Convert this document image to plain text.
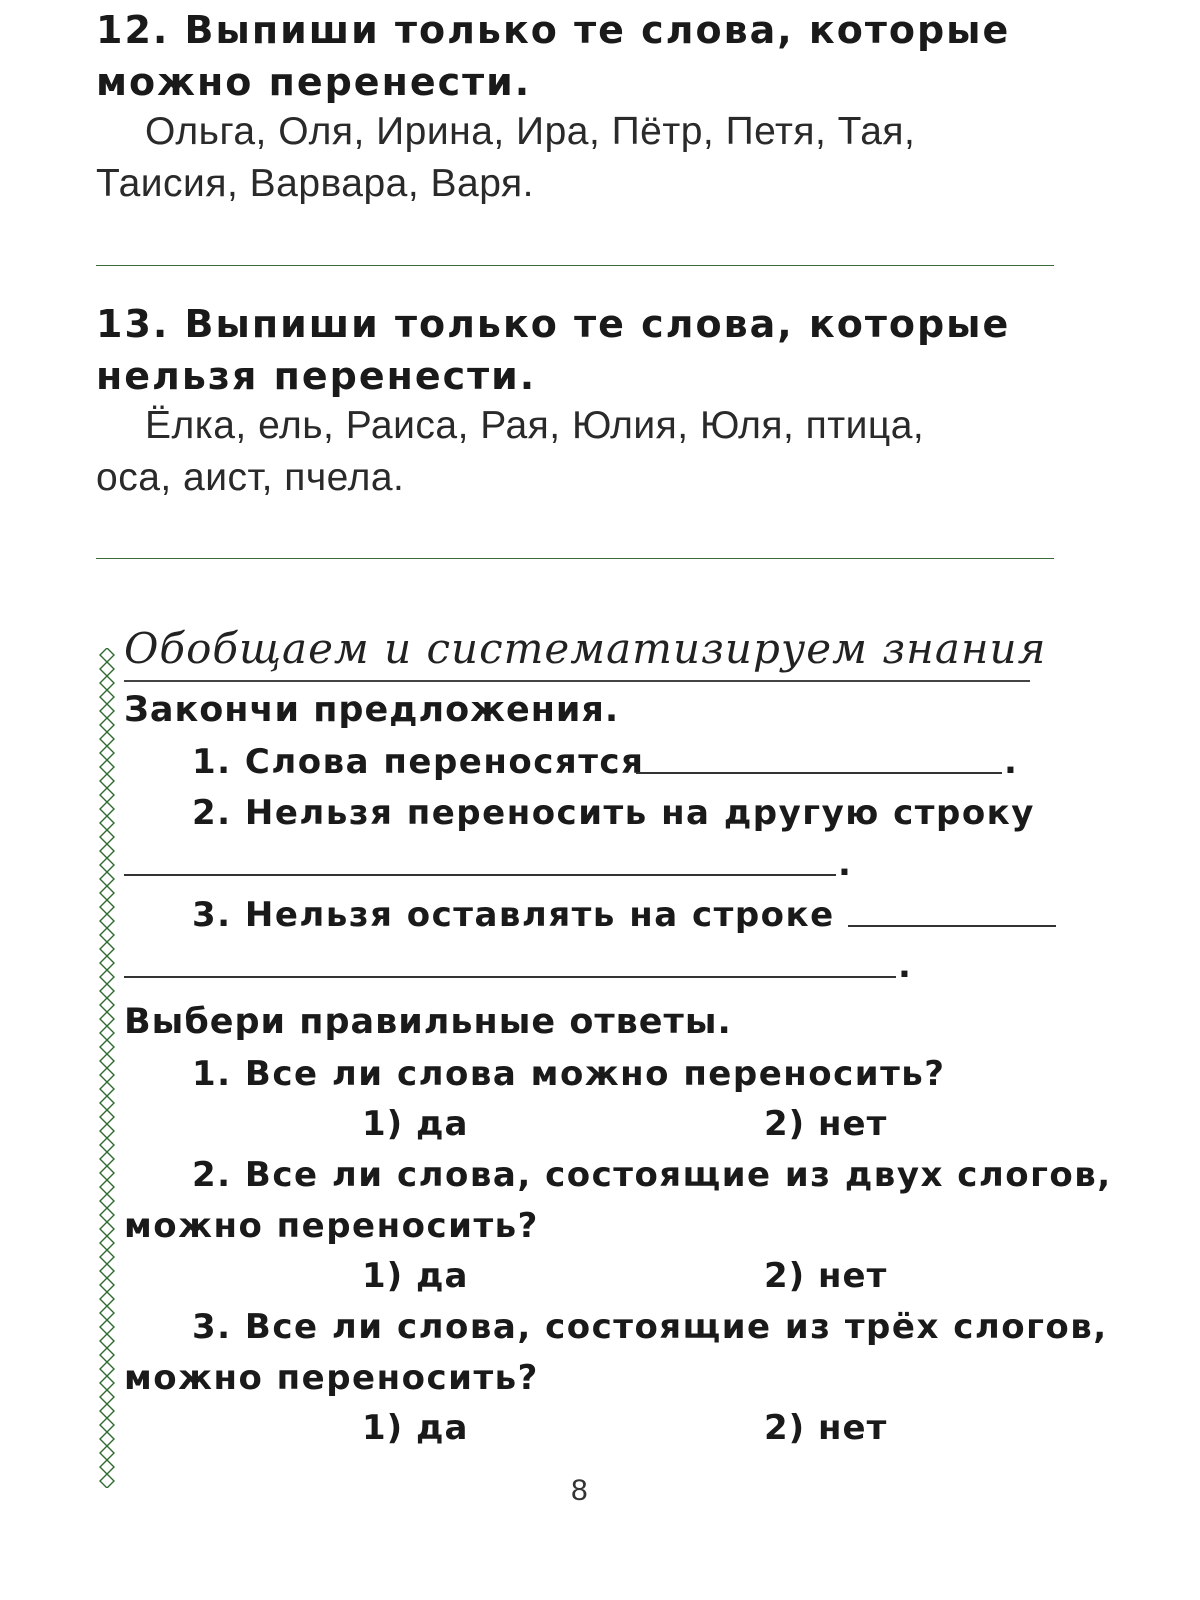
12. Выпиши только те слова, которые
можно перенести.
Ольга, Оля, Ирина, Ира, Пётр, Петя, Тая,
Таисия, Варвара, Варя.
13. Выпиши только те слова, которые
нельзя перенести.
Ёлка, ель, Раиса, Рая, Юлия, Юля, птица,
оса, аист, пчела.
Обобщаем и систематизируем знания
Закончи предложения.
1. Слова переносятся	.
2. Нельзя переносить на другую строку
.
3. Нельзя оставлять на строке
.
Выбери правильные ответы.
1. Все ли слова можно переносить?
1) да	2) нет
2. Все ли слова, состоящие из двух слогов,
можно переносить?
1) да	2) нет
3. Все ли слова, состоящие из трёх слогов,
можно переносить?
1) да	2) нет
8
